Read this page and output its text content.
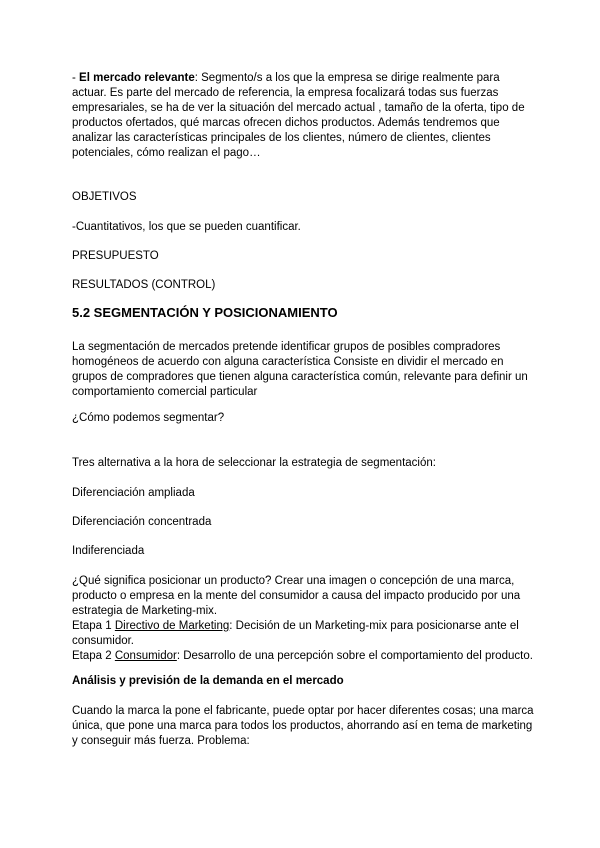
- El mercado relevante: Segmento/s a los que la empresa se dirige realmente para actuar. Es parte del mercado de referencia, la empresa focalizará todas sus fuerzas empresariales, se ha de ver la situación del mercado actual , tamaño de la oferta, tipo de productos ofertados, qué marcas ofrecen dichos productos. Además tendremos que analizar las características principales de los clientes, número de clientes, clientes potenciales, cómo realizan el pago…

OBJETIVOS

-Cuantitativos, los que se pueden cuantificar.

PRESUPUESTO

RESULTADOS (CONTROL)

5.2 SEGMENTACIÓN Y POSICIONAMIENTO

La segmentación de mercados pretende identificar grupos de posibles compradores homogéneos de acuerdo con alguna característica Consiste en dividir el mercado en grupos de compradores que tienen alguna característica común, relevante para definir un comportamiento comercial particular

¿Cómo podemos segmentar?

Tres alternativa a la hora de seleccionar la estrategia de segmentación:

Diferenciación ampliada

Diferenciación concentrada

Indiferenciada

¿Qué significa posicionar un producto? Crear una imagen o concepción de una marca, producto o empresa en la mente del consumidor a causa del impacto producido por una estrategia de Marketing-mix.
Etapa 1 Directivo de Marketing: Decisión de un Marketing-mix para posicionarse ante el consumidor.
Etapa 2 Consumidor: Desarrollo de una percepción sobre el comportamiento del producto.
Análisis y previsión de la demanda en el mercado

Cuando la marca la pone el fabricante, puede optar por hacer diferentes cosas; una marca única, que pone una marca para todos los productos, ahorrando así en tema de marketing y conseguir más fuerza. Problema:
